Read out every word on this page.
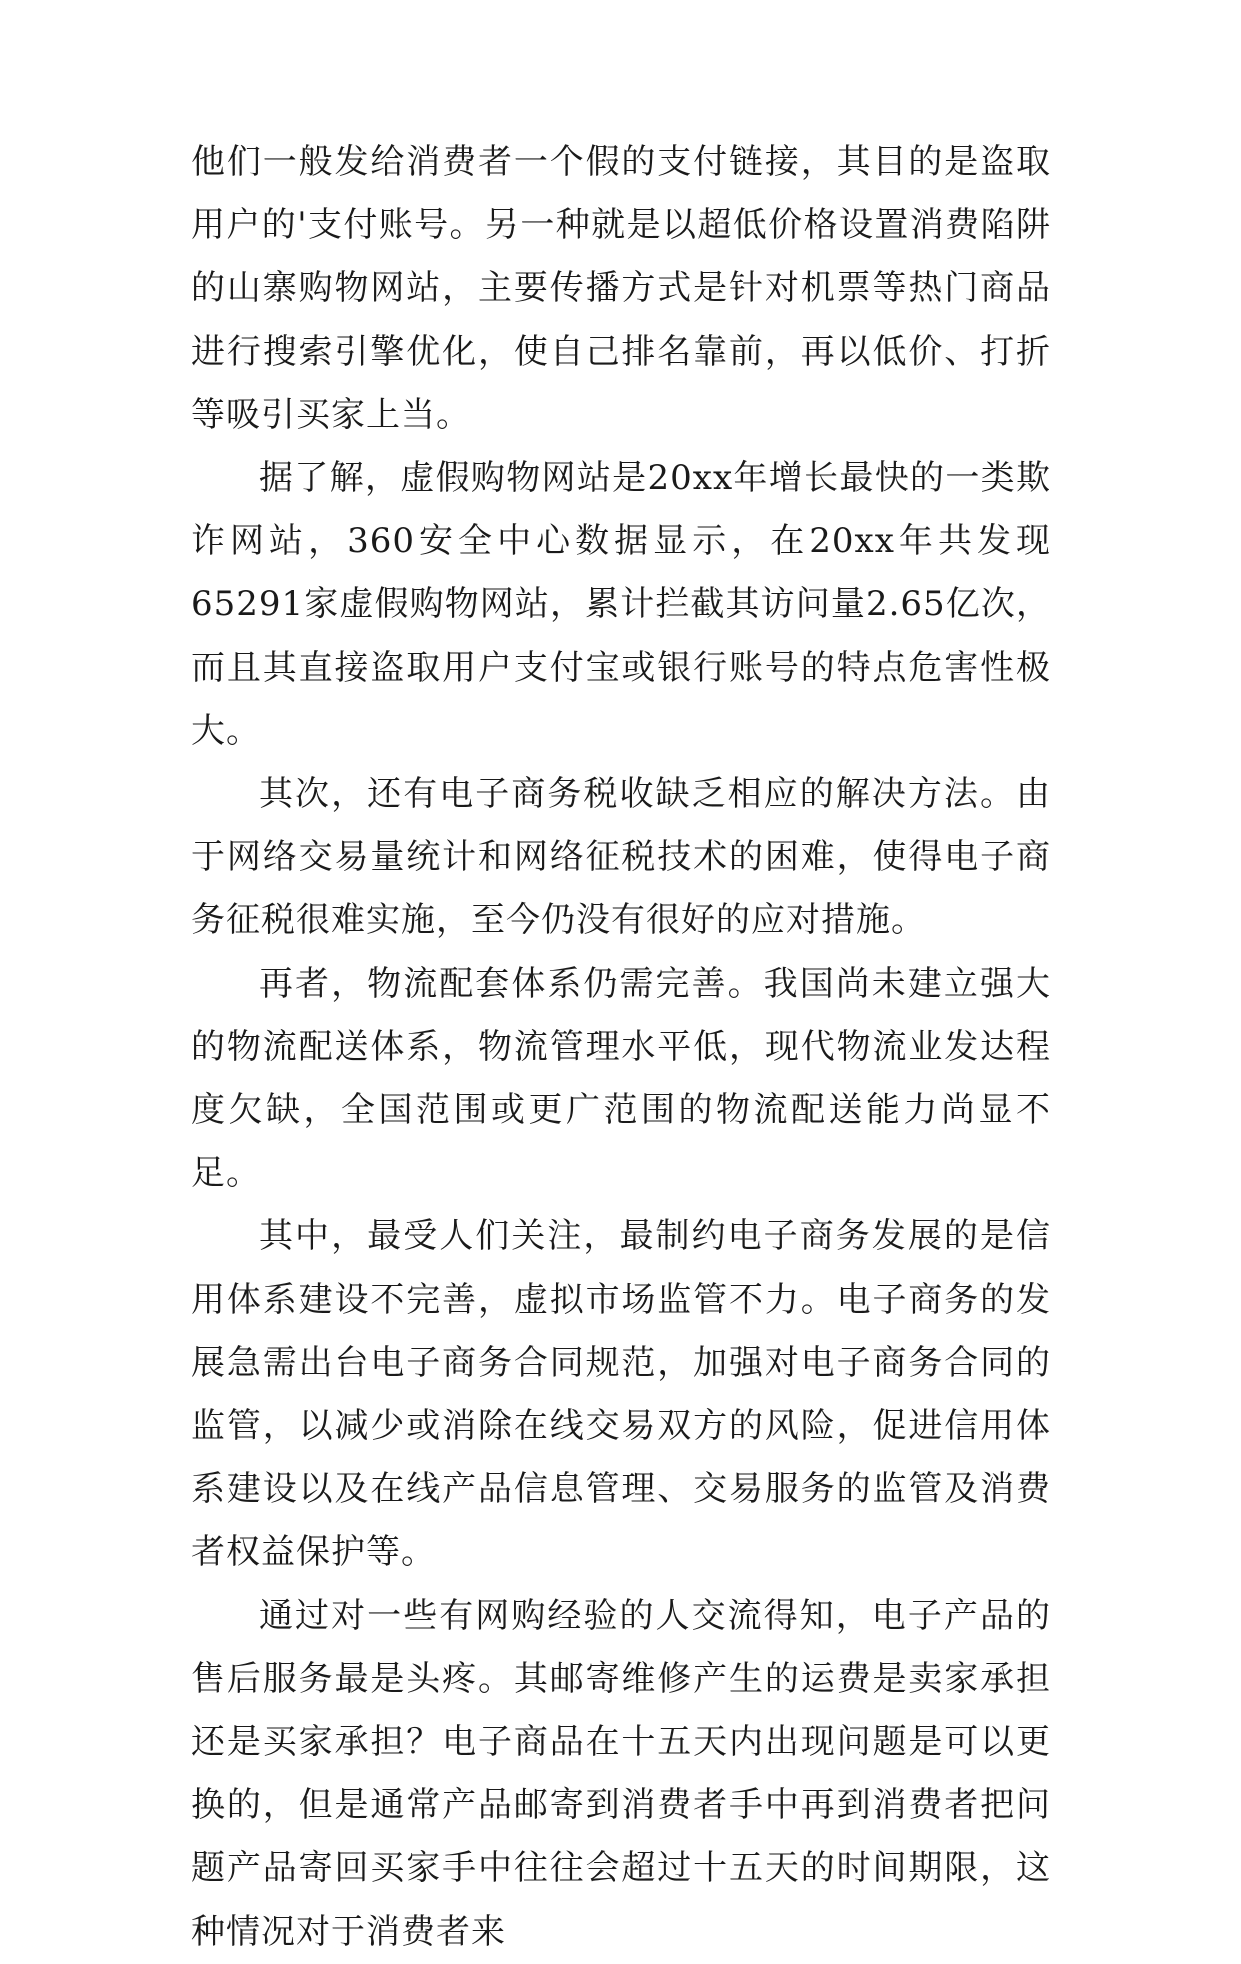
他们一般发给消费者一个假的支付链接，其目的是盗取用户的'支付账号。另一种就是以超低价格设置消费陷阱的山寨购物网站，主要传播方式是针对机票等热门商品进行搜索引擎优化，使自己排名靠前，再以低价、打折等吸引买家上当。

据了解，虚假购物网站是20xx年增长最快的一类欺诈网站，360安全中心数据显示，在20xx年共发现65291家虚假购物网站，累计拦截其访问量2.65亿次，而且其直接盗取用户支付宝或银行账号的特点危害性极大。

其次，还有电子商务税收缺乏相应的解决方法。由于网络交易量统计和网络征税技术的困难，使得电子商务征税很难实施，至今仍没有很好的应对措施。

再者，物流配套体系仍需完善。我国尚未建立强大的物流配送体系，物流管理水平低，现代物流业发达程度欠缺，全国范围或更广范围的物流配送能力尚显不足。

其中，最受人们关注，最制约电子商务发展的是信用体系建设不完善，虚拟市场监管不力。电子商务的发展急需出台电子商务合同规范，加强对电子商务合同的监管，以减少或消除在线交易双方的风险，促进信用体系建设以及在线产品信息管理、交易服务的监管及消费者权益保护等。

通过对一些有网购经验的人交流得知，电子产品的售后服务最是头疼。其邮寄维修产生的运费是卖家承担还是买家承担？电子商品在十五天内出现问题是可以更换的，但是通常产品邮寄到消费者手中再到消费者把问题产品寄回买家手中往往会超过十五天的时间期限，这种情况对于消费者来
